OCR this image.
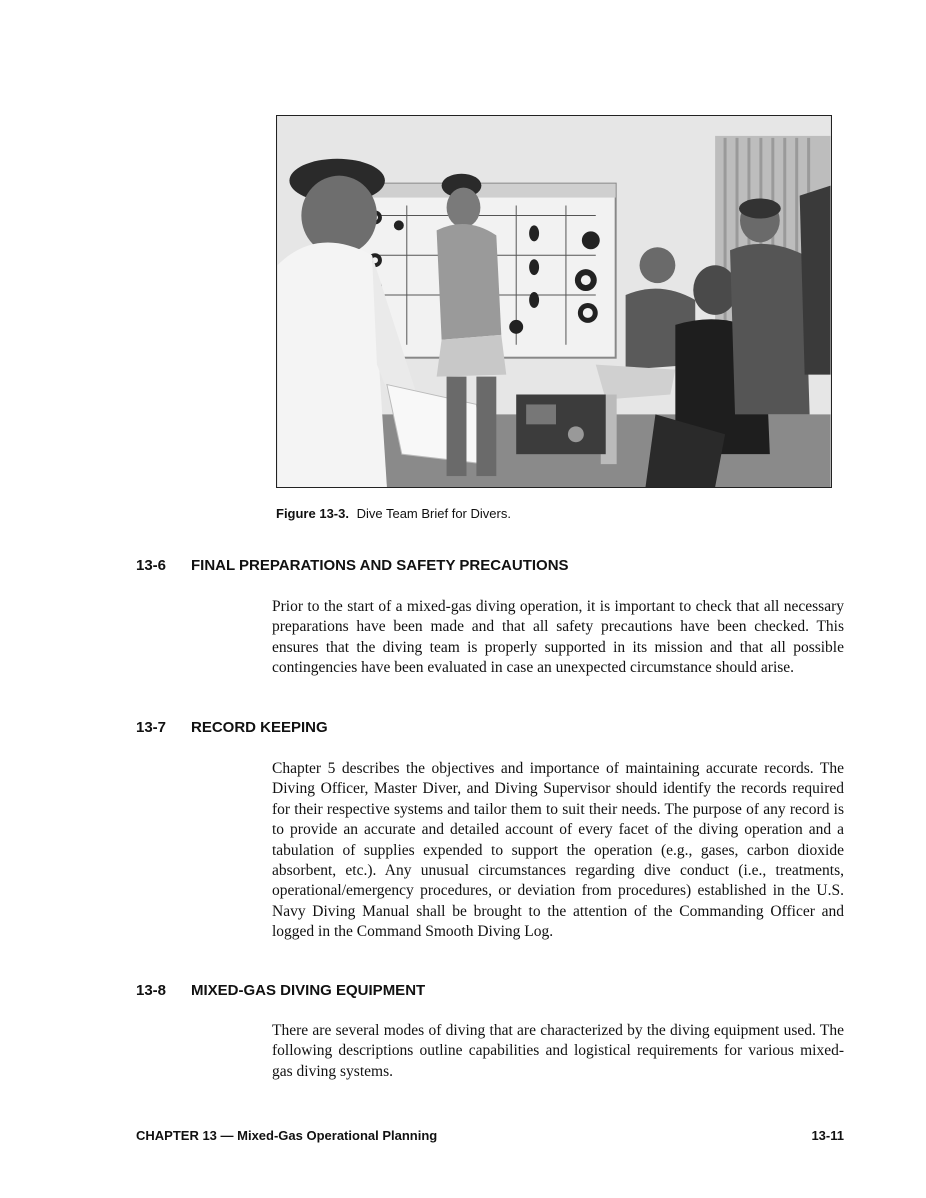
Figure 13-3. Dive Team Brief for Divers.
13-6 FINAL PREPARATIONS AND SAFETY PRECAUTIONS
Prior to the start of a mixed-gas diving operation, it is important to check that all necessary preparations have been made and that all safety precautions have been checked. This ensures that the diving team is properly supported in its mission and that all possible contingencies have been evaluated in case an unexpected circumstance should arise.
13-7 RECORD KEEPING
Chapter 5 describes the objectives and importance of maintaining accurate records. The Diving Officer, Master Diver, and Diving Supervisor should identify the records required for their respective systems and tailor them to suit their needs. The purpose of any record is to provide an accurate and detailed account of every facet of the diving operation and a tabulation of supplies expended to support the operation (e.g., gases, carbon dioxide absorbent, etc.). Any unusual circumstances regarding dive conduct (i.e., treatments, operational/emergency procedures, or deviation from procedures) established in the U.S. Navy Diving Manual shall be brought to the attention of the Commanding Officer and logged in the Command Smooth Diving Log.
13-8 MIXED-GAS DIVING EQUIPMENT
There are several modes of diving that are characterized by the diving equipment used. The following descriptions outline capabilities and logistical requirements for various mixed-gas diving systems.
CHAPTER 13 — Mixed-Gas Operational Planning	13-11
